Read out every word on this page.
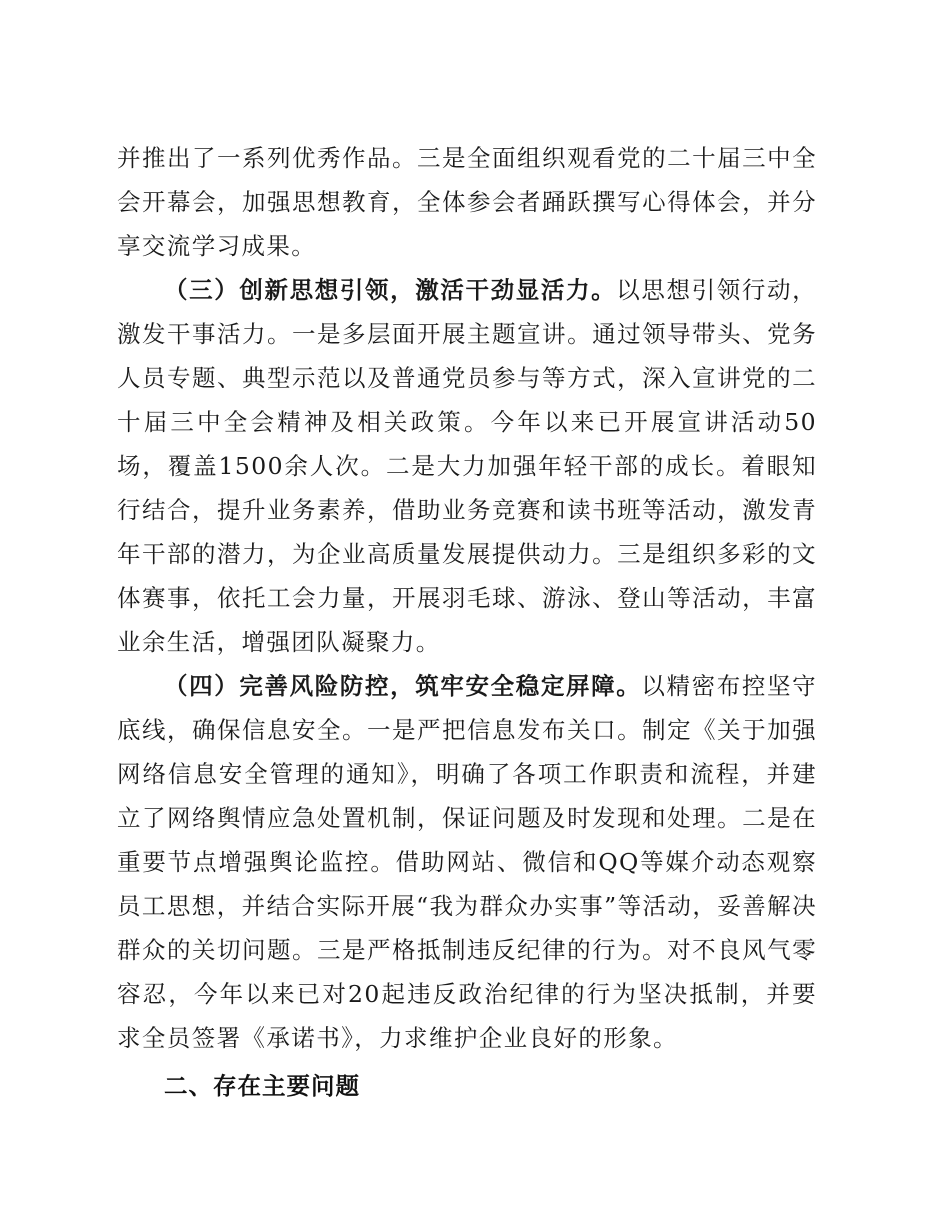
并推出了一系列优秀作品。三是全面组织观看党的二十届三中全会开幕会，加强思想教育，全体参会者踊跃撰写心得体会，并分享交流学习成果。

（三）创新思想引领，激活干劲显活力。以思想引领行动，激发干事活力。一是多层面开展主题宣讲。通过领导带头、党务人员专题、典型示范以及普通党员参与等方式，深入宣讲党的二十届三中全会精神及相关政策。今年以来已开展宣讲活动50场，覆盖1500余人次。二是大力加强年轻干部的成长。着眼知行结合，提升业务素养，借助业务竞赛和读书班等活动，激发青年干部的潜力，为企业高质量发展提供动力。三是组织多彩的文体赛事，依托工会力量，开展羽毛球、游泳、登山等活动，丰富业余生活，增强团队凝聚力。

（四）完善风险防控，筑牢安全稳定屏障。以精密布控坚守底线，确保信息安全。一是严把信息发布关口。制定《关于加强网络信息安全管理的通知》，明确了各项工作职责和流程，并建立了网络舆情应急处置机制，保证问题及时发现和处理。二是在重要节点增强舆论监控。借助网站、微信和QQ等媒介动态观察员工思想，并结合实际开展“我为群众办实事”等活动，妥善解决群众的关切问题。三是严格抵制违反纪律的行为。对不良风气零容忍，今年以来已对20起违反政治纪律的行为坚决抵制，并要求全员签署《承诺书》，力求维护企业良好的形象。

二、存在主要问题
